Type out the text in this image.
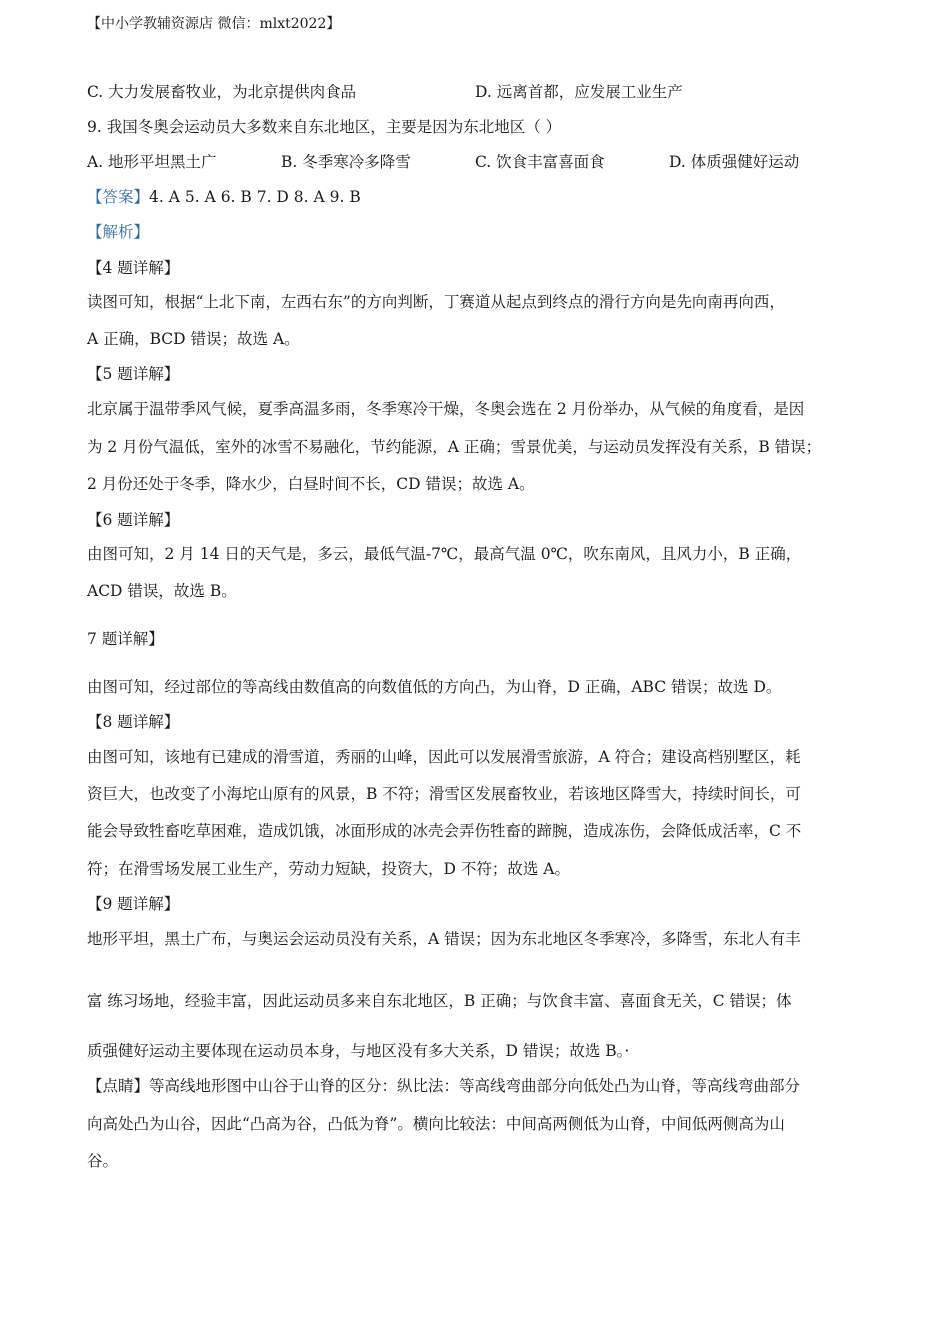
【中小学教辅资源店 微信：mlxt2022】
C. 大力发展畜牧业，为北京提供肉食品	D. 远离首都，应发展工业生产
9. 我国冬奥会运动员大多数来自东北地区，主要是因为东北地区（ ）
A. 地形平坦黑土广	B. 冬季寒冷多降雪	C. 饮食丰富喜面食	D. 体质强健好运动
【答案】4. A 5. A 6. B 7. D 8. A 9. B
【解析】
【4 题详解】
读图可知，根据“上北下南，左西右东”的方向判断，丁赛道从起点到终点的滑行方向是先向南再向西，
A 正确，BCD 错误；故选 A。
【5 题详解】
北京属于温带季风气候，夏季高温多雨，冬季寒冷干燥，冬奥会选在 2 月份举办，从气候的角度看，是因
为 2 月份气温低，室外的冰雪不易融化，节约能源，A 正确；雪景优美，与运动员发挥没有关系，B 错误；
2 月份还处于冬季，降水少，白昼时间不长，CD 错误；故选 A。
【6 题详解】
由图可知，2 月 14 日的天气是，多云，最低气温-7℃，最高气温 0℃，吹东南风，且风力小，B 正确，
ACD 错误，故选 B。
7 题详解】
由图可知，经过部位的等高线由数值高的向数值低的方向凸，为山脊，D 正确，ABC 错误；故选 D。
【8 题详解】
由图可知，该地有已建成的滑雪道，秀丽的山峰，因此可以发展滑雪旅游，A 符合；建设高档别墅区，耗
资巨大，也改变了小海坨山原有的风景，B 不符；滑雪区发展畜牧业，若该地区降雪大，持续时间长，可
能会导致牲畜吃草困难，造成饥饿，冰面形成的冰壳会弄伤牲畜的蹄腕，造成冻伤，会降低成活率，C 不
符；在滑雪场发展工业生产，劳动力短缺，投资大，D 不符；故选 A。
【9 题详解】
地形平坦，黑土广布，与奥运会运动员没有关系，A 错误；因为东北地区冬季寒冷，多降雪，东北人有丰
富 练习场地，经验丰富，因此运动员多来自东北地区，B 正确；与饮食丰富、喜面食无关，C 错误；体
质强健好运动主要体现在运动员本身，与地区没有多大关系，D 错误；故选 B。·
【点睛】等高线地形图中山谷于山脊的区分：纵比法：等高线弯曲部分向低处凸为山脊，等高线弯曲部分
向高处凸为山谷，因此“凸高为谷，凸低为脊”。横向比较法：中间高两侧低为山脊，中间低两侧高为山
谷。
